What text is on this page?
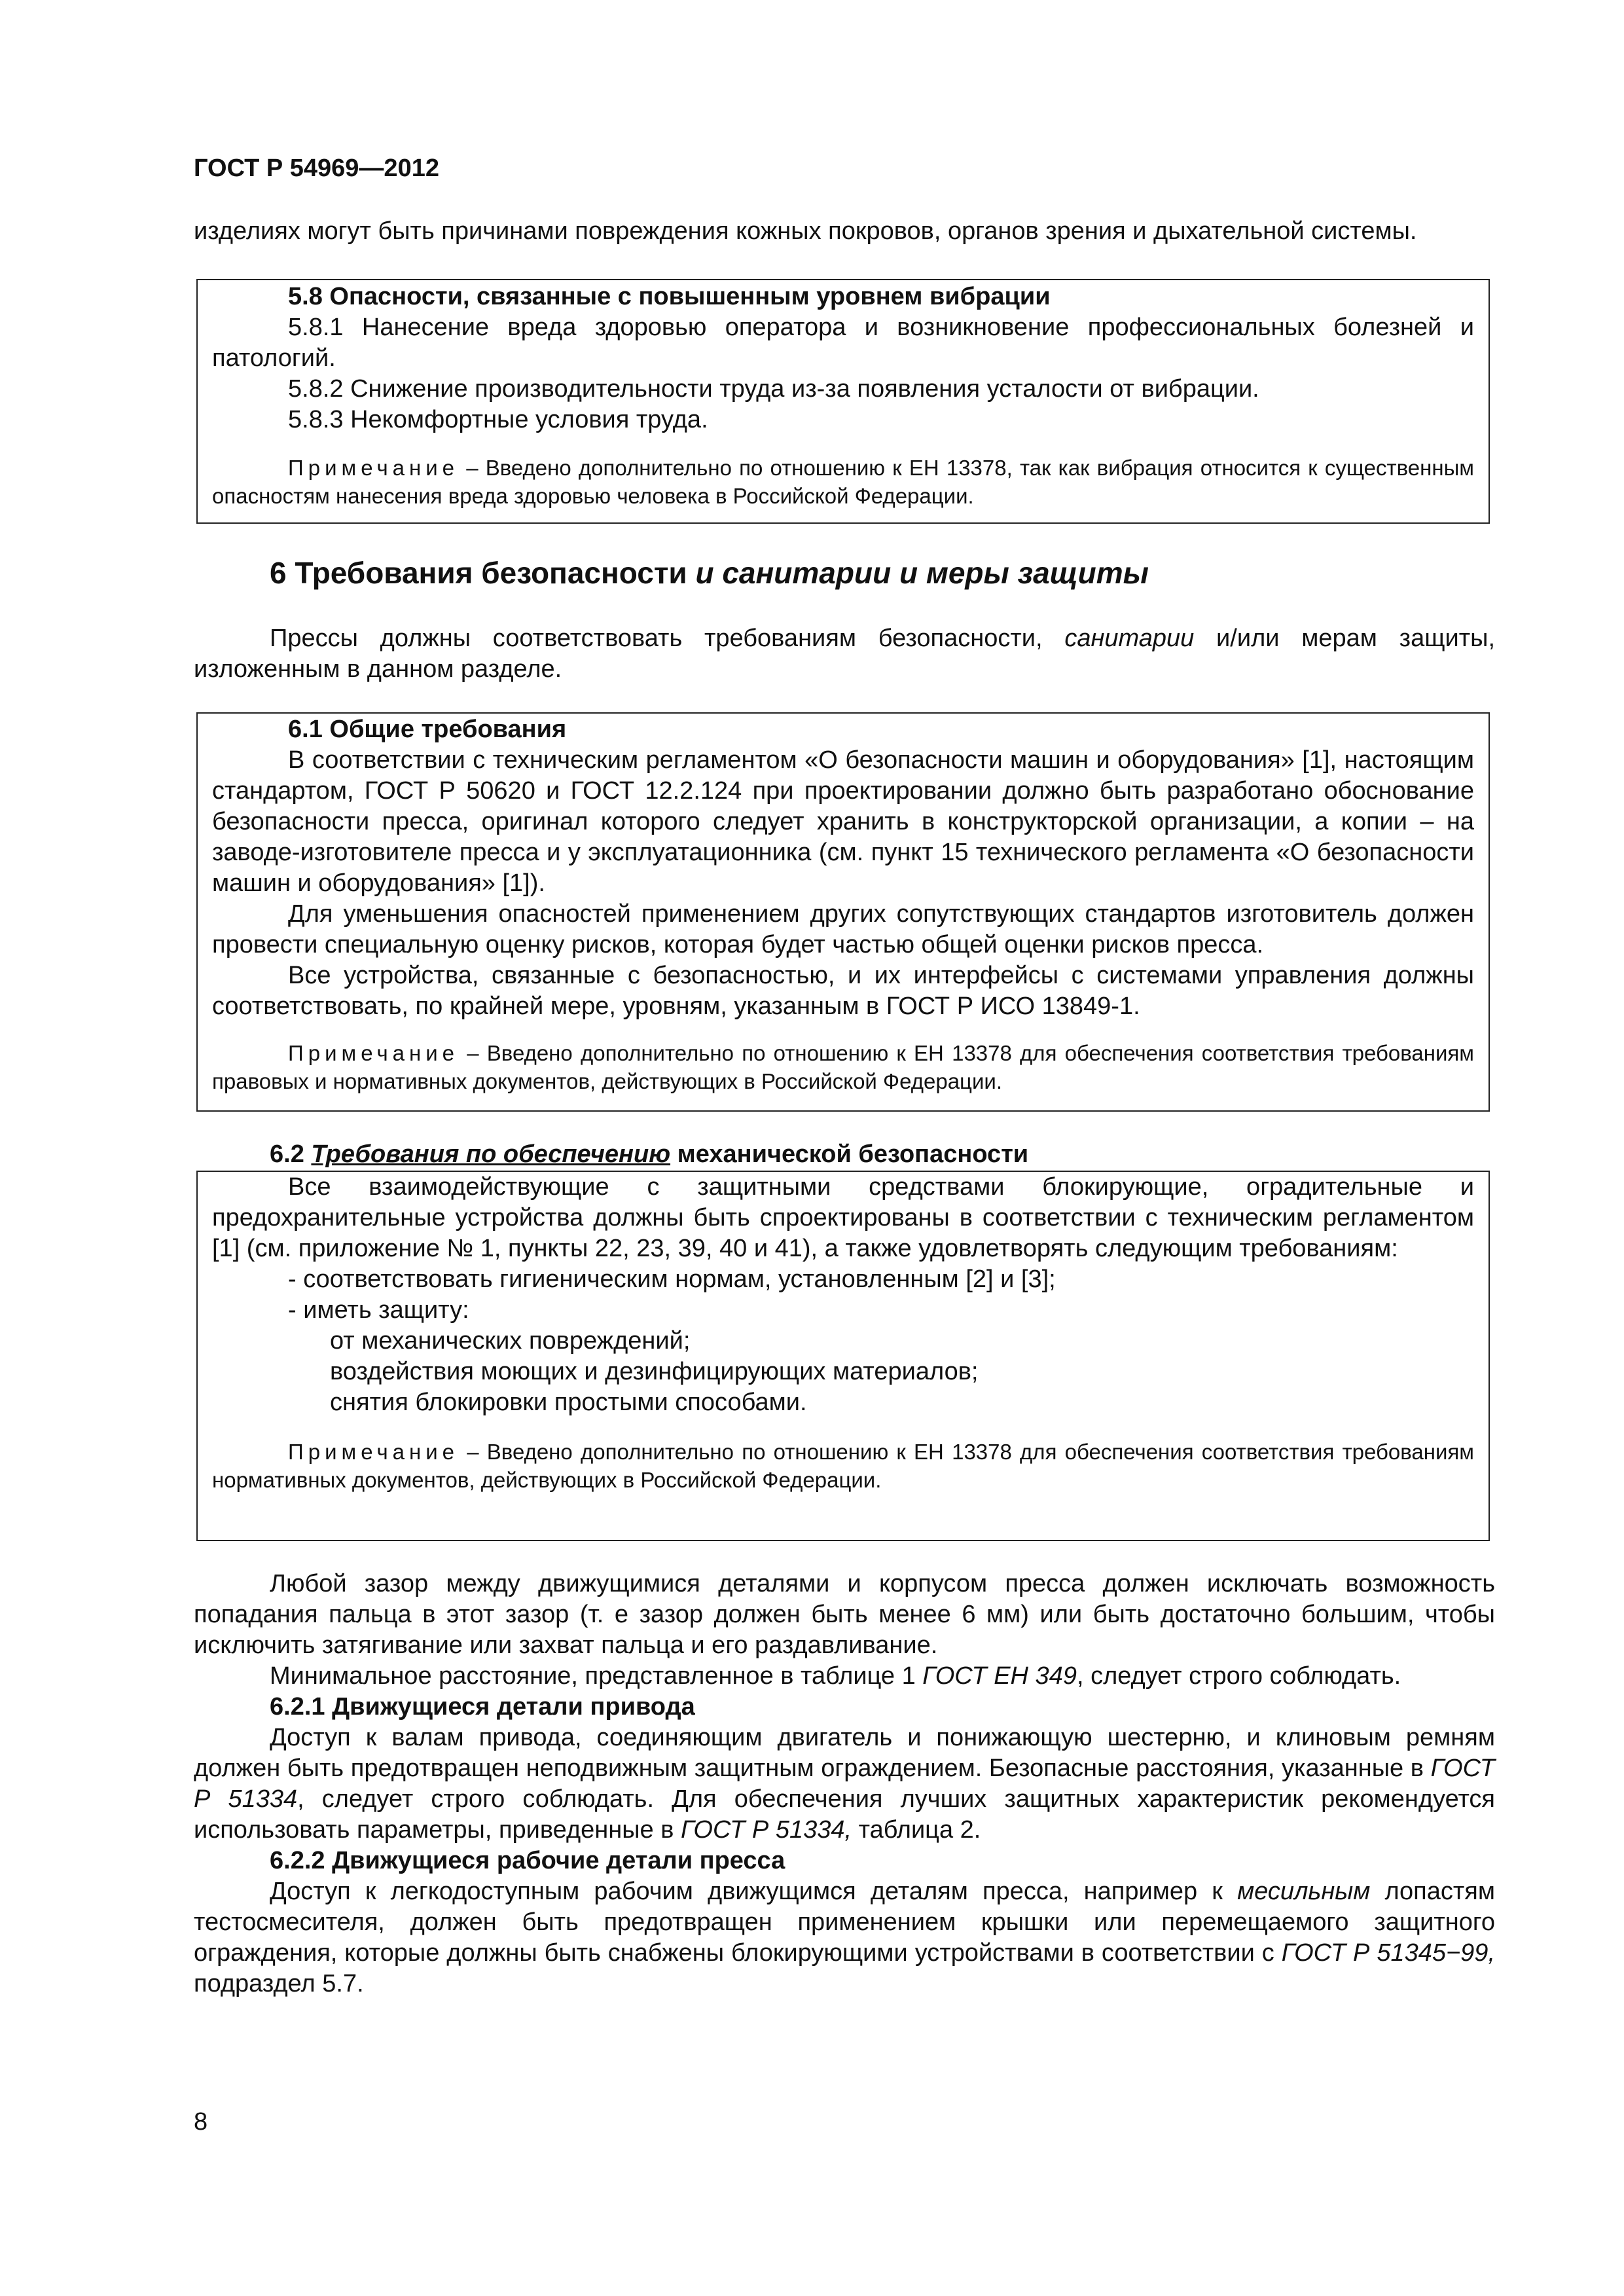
ГОСТ Р 54969—2012

изделиях могут быть причинами повреждения кожных покровов, органов зрения и дыхательной системы.

5.8 Опасности, связанные с повышенным уровнем вибрации

5.8.1 Нанесение вреда здоровью оператора и возникновение профессиональных болезней и патологий.

5.8.2 Снижение производительности труда из-за появления усталости от вибрации.

5.8.3 Некомфортные условия труда.

Примечание – Введено дополнительно по отношению к ЕН 13378, так как вибрация относится к существенным опасностям нанесения вреда здоровью человека в Российской Федерации.

6 Требования безопасности и санитарии и меры защиты

Прессы должны соответствовать требованиям безопасности, санитарии и/или мерам защиты, изложенным в данном разделе.

6.1 Общие требования

В соответствии с техническим регламентом «О безопасности машин и оборудования» [1], настоящим стандартом, ГОСТ Р 50620 и ГОСТ 12.2.124 при проектировании должно быть разработано обоснование безопасности пресса, оригинал которого следует хранить в конструкторской организации, а копии – на заводе-изготовителе пресса и у эксплуатационника (см. пункт 15 технического регламента «О безопасности машин и оборудования» [1]).

Для уменьшения опасностей применением других сопутствующих стандартов изготовитель должен провести специальную оценку рисков, которая будет частью общей оценки рисков пресса.

Все устройства, связанные с безопасностью, и их интерфейсы с системами управления должны соответствовать, по крайней мере, уровням, указанным в ГОСТ Р ИСО 13849-1.

Примечание – Введено дополнительно по отношению к ЕН 13378 для обеспечения соответствия требованиям правовых и нормативных документов, действующих в Российской Федерации.

6.2 Требования по обеспечению механической безопасности

Все взаимодействующие с защитными средствами блокирующие, оградительные и предохранительные устройства должны быть спроектированы в соответствии с техническим регламентом [1] (см. приложение № 1, пункты 22, 23, 39, 40 и 41), а также удовлетворять следующим требованиям:

- соответствовать гигиеническим нормам, установленным [2] и [3];

- иметь защиту:

от механических повреждений;

воздействия моющих и дезинфицирующих материалов;

снятия блокировки простыми способами.

Примечание – Введено дополнительно по отношению к ЕН 13378 для обеспечения соответствия требованиям нормативных документов, действующих в Российской Федерации.

Любой зазор между движущимися деталями и корпусом пресса должен исключать возможность попадания пальца в этот зазор (т. е зазор должен быть менее 6 мм) или быть достаточно большим, чтобы исключить затягивание или захват пальца и его раздавливание.

Минимальное расстояние, представленное в таблице 1 ГОСТ ЕН 349, следует строго соблюдать.

6.2.1 Движущиеся детали привода

Доступ к валам привода, соединяющим двигатель и понижающую шестерню, и клиновым ремням должен быть предотвращен неподвижным защитным ограждением. Безопасные расстояния, указанные в ГОСТ Р 51334, следует строго соблюдать. Для обеспечения лучших защитных характеристик рекомендуется использовать параметры, приведенные в ГОСТ Р 51334, таблица 2.

6.2.2 Движущиеся рабочие детали пресса

Доступ к легкодоступным рабочим движущимся деталям пресса, например к месильным лопастям тестосмесителя, должен быть предотвращен применением крышки или перемещаемого защитного ограждения, которые должны быть снабжены блокирующими устройствами в соответствии с ГОСТ Р 51345−99, подраздел 5.7.

8
